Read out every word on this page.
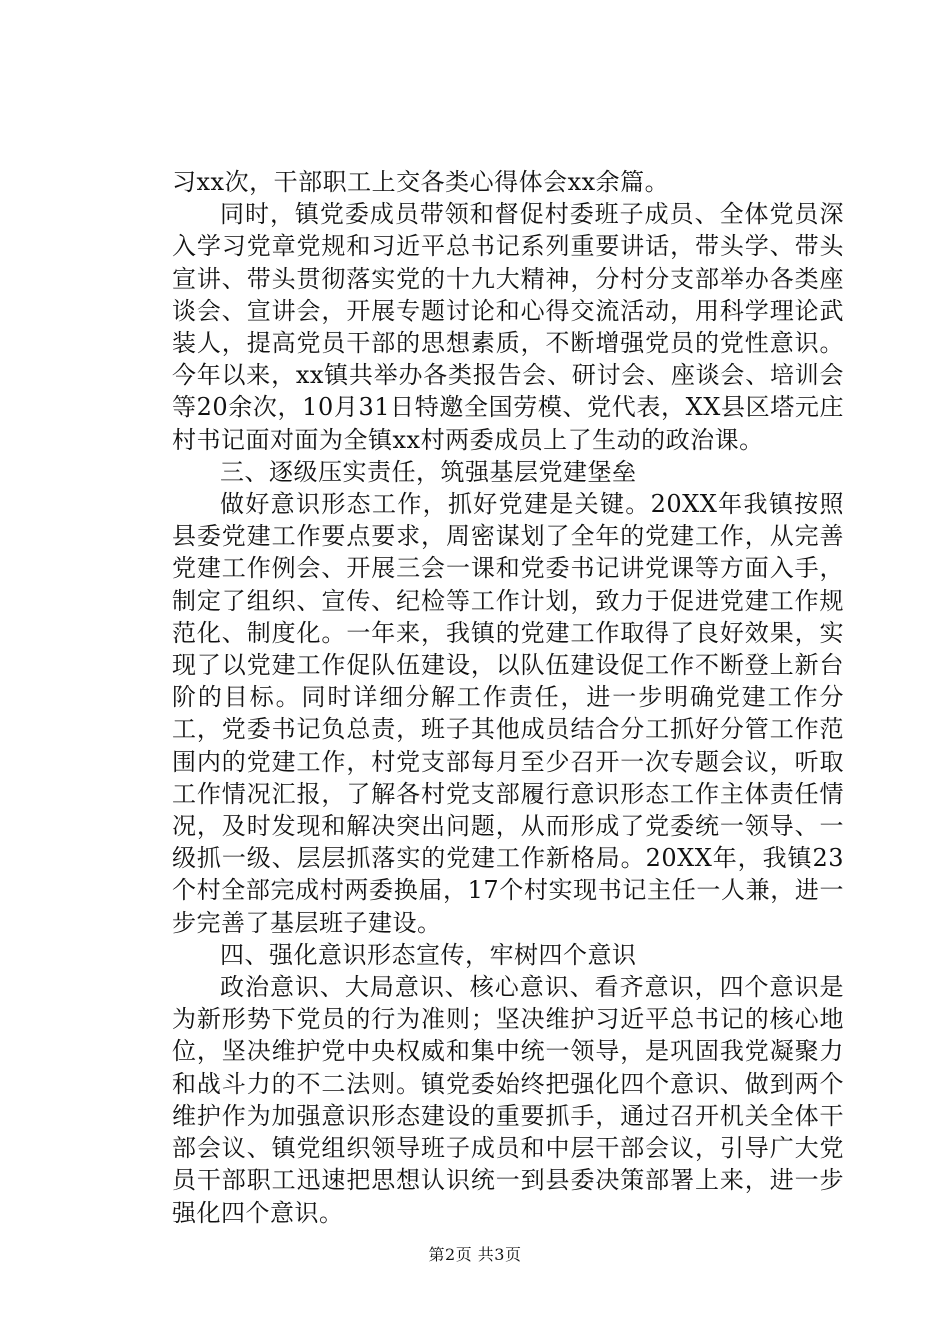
习xx次，干部职工上交各类心得体会xx余篇。

同时，镇党委成员带领和督促村委班子成员、全体党员深入学习党章党规和习近平总书记系列重要讲话，带头学、带头宣讲、带头贯彻落实党的十九大精神，分村分支部举办各类座谈会、宣讲会，开展专题讨论和心得交流活动，用科学理论武装人，提高党员干部的思想素质，不断增强党员的党性意识。今年以来，xx镇共举办各类报告会、研讨会、座谈会、培训会等20余次，10月31日特邀全国劳模、党代表，XX县区塔元庄村书记面对面为全镇xx村两委成员上了生动的政治课。

三、逐级压实责任，筑强基层党建堡垒

做好意识形态工作，抓好党建是关键。20XX年我镇按照县委党建工作要点要求，周密谋划了全年的党建工作，从完善党建工作例会、开展三会一课和党委书记讲党课等方面入手，制定了组织、宣传、纪检等工作计划，致力于促进党建工作规范化、制度化。一年来，我镇的党建工作取得了良好效果，实现了以党建工作促队伍建设，以队伍建设促工作不断登上新台阶的目标。同时详细分解工作责任，进一步明确党建工作分工，党委书记负总责，班子其他成员结合分工抓好分管工作范围内的党建工作，村党支部每月至少召开一次专题会议，听取工作情况汇报，了解各村党支部履行意识形态工作主体责任情况，及时发现和解决突出问题，从而形成了党委统一领导、一级抓一级、层层抓落实的党建工作新格局。20XX年，我镇23个村全部完成村两委换届，17个村实现书记主任一人兼，进一步完善了基层班子建设。

四、强化意识形态宣传，牢树四个意识

政治意识、大局意识、核心意识、看齐意识，四个意识是为新形势下党员的行为准则；坚决维护习近平总书记的核心地位，坚决维护党中央权威和集中统一领导，是巩固我党凝聚力和战斗力的不二法则。镇党委始终把强化四个意识、做到两个维护作为加强意识形态建设的重要抓手，通过召开机关全体干部会议、镇党组织领导班子成员和中层干部会议，引导广大党员干部职工迅速把思想认识统一到县委决策部署上来，进一步强化四个意识。

第2页 共3页
